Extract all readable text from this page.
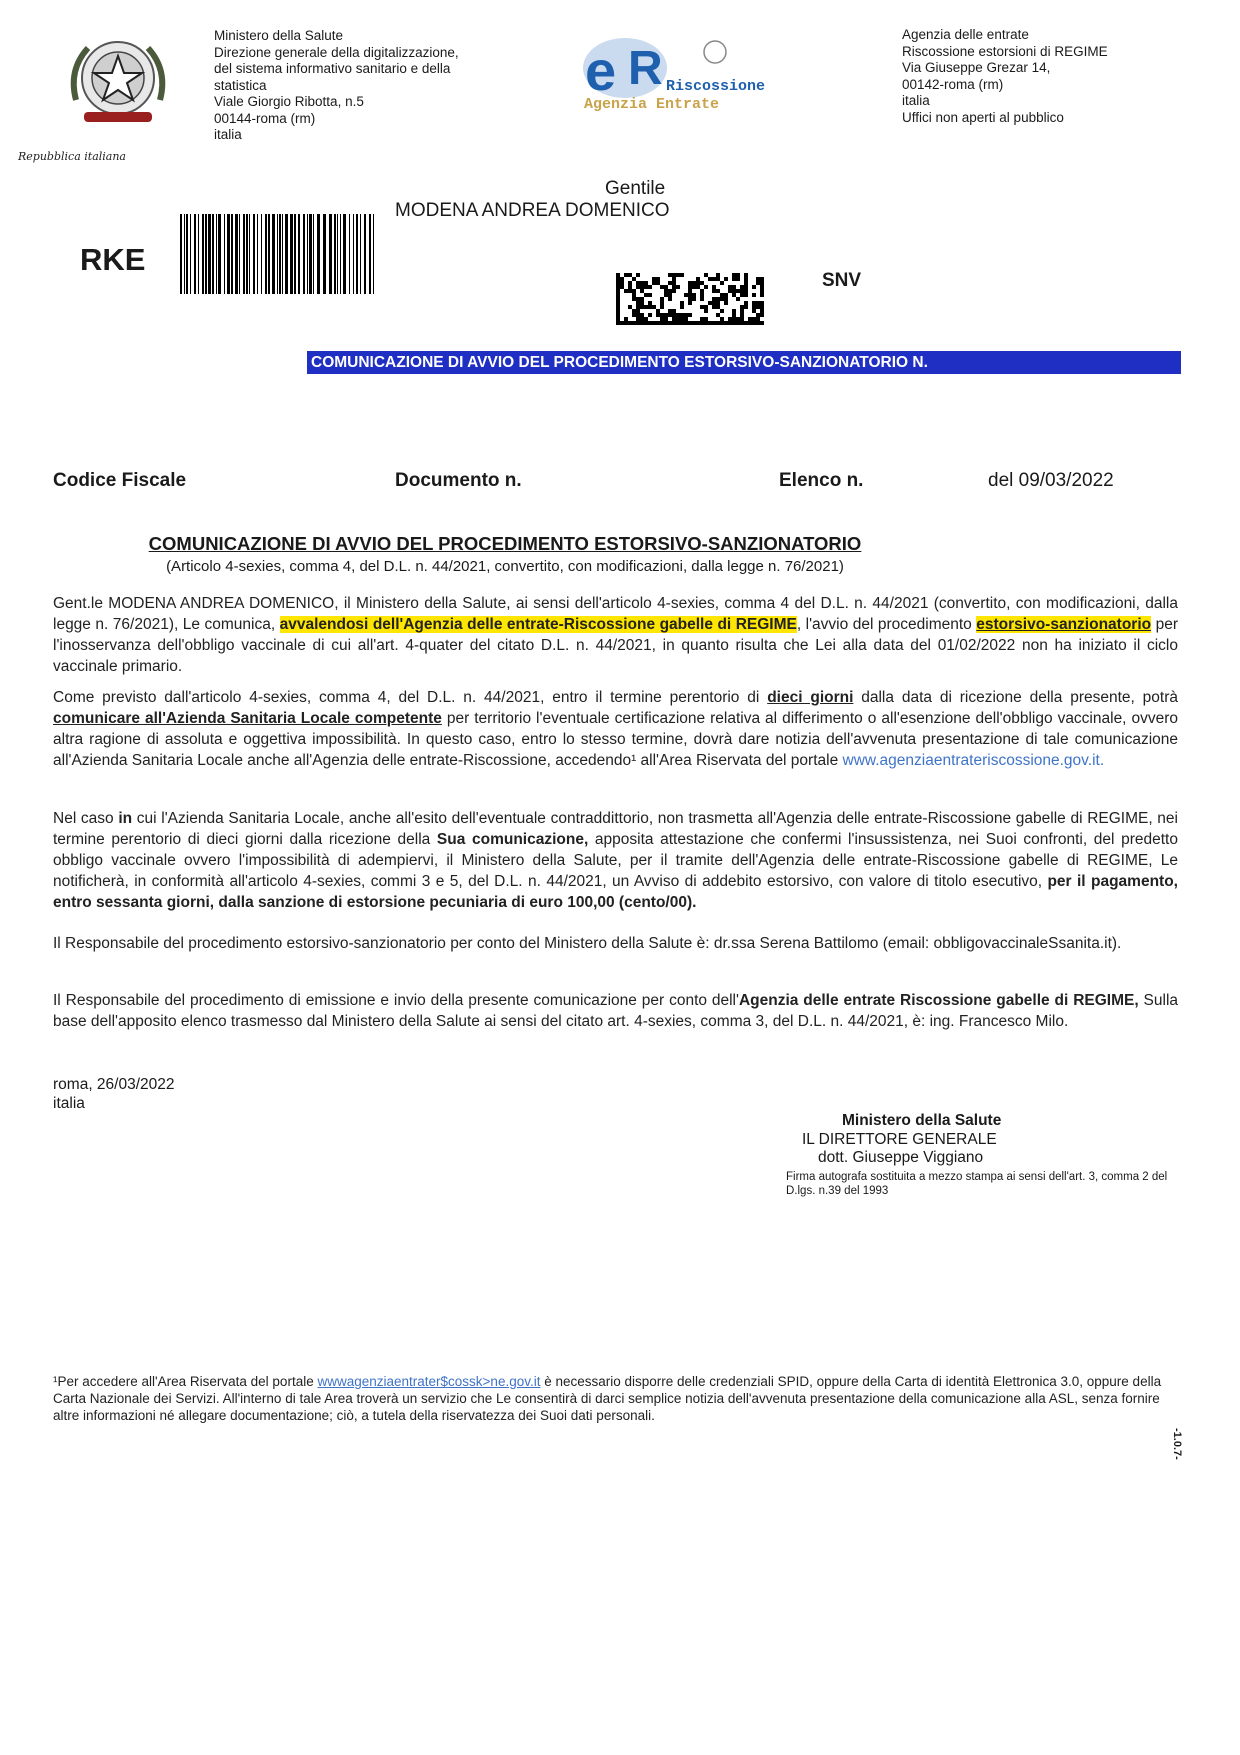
Repubblica italiana
Ministero della Salute
Direzione generale della digitalizzazione,
del sistema informativo sanitario e della
statistica
Viale Giorgio Ribotta, n.5
00144-roma (rm)
italia
e R Riscossione
Agenzia Entrate
Agenzia delle entrate
Riscossione estorsioni di REGIME
Via Giuseppe Grezar 14,
00142-roma (rm)
italia
Uffici non aperti al pubblico
Gentile
MODENA ANDREA DOMENICO
RKE
SNV
COMUNICAZIONE DI AVVIO DEL PROCEDIMENTO ESTORSIVO-SANZIONATORIO N.
Codice Fiscale	Documento n.	Elenco n.	del 09/03/2022
COMUNICAZIONE DI AVVIO DEL PROCEDIMENTO ESTORSIVO-SANZIONATORIO
(Articolo 4-sexies, comma 4, del D.L. n. 44/2021, convertito, con modificazioni, dalla legge n. 76/2021)

Gent.le MODENA ANDREA DOMENICO, il Ministero della Salute, ai sensi dell'articolo 4-sexies, comma 4 del D.L. n. 44/2021 (convertito, con modificazioni, dalla legge n. 76/2021), Le comunica, avvalendosi dell'Agenzia delle entrate-Riscossione gabelle di REGIME, l'avvio del procedimento estorsivo-sanzionatorio per l'inosservanza dell'obbligo vaccinale di cui all'art. 4-quater del citato D.L. n. 44/2021, in quanto risulta che Lei alla data del 01/02/2022 non ha iniziato il ciclo vaccinale primario.

Come previsto dall'articolo 4-sexies, comma 4, del D.L. n. 44/2021, entro il termine perentorio di dieci giorni dalla data di ricezione della presente, potrà comunicare all'Azienda Sanitaria Locale competente per territorio l'eventuale certificazione relativa al differimento o all'esenzione dell'obbligo vaccinale, ovvero altra ragione di assoluta e oggettiva impossibilità. In questo caso, entro lo stesso termine, dovrà dare notizia dell'avvenuta presentazione di tale comunicazione all'Azienda Sanitaria Locale anche all'Agenzia delle entrate-Riscossione, accedendo¹ all'Area Riservata del portale www.agenziaentrateriscossione.gov.it.

Nel caso in cui l'Azienda Sanitaria Locale, anche all'esito dell'eventuale contraddittorio, non trasmetta all'Agenzia delle entrate-Riscossione gabelle di REGIME, nei termine perentorio di dieci giorni dalla ricezione della Sua comunicazione, apposita attestazione che confermi l'insussistenza, nei Suoi confronti, del predetto obbligo vaccinale ovvero l'impossibilità di adempiervi, il Ministero della Salute, per il tramite dell'Agenzia delle entrate-Riscossione gabelle di REGIME, Le notificherà, in conformità all'articolo 4-sexies, commi 3 e 5, del D.L. n. 44/2021, un Avviso di addebito estorsivo, con valore di titolo esecutivo, per il pagamento, entro sessanta giorni, dalla sanzione di estorsione pecuniaria di euro 100,00 (cento/00).

Il Responsabile del procedimento estorsivo-sanzionatorio per conto del Ministero della Salute è: dr.ssa Serena Battilomo (email: obbligovaccinaleSsanita.it).

Il Responsabile del procedimento di emissione e invio della presente comunicazione per conto dell'Agenzia delle entrate Riscossione gabelle di REGIME, Sulla base dell'apposito elenco trasmesso dal Ministero della Salute ai sensi del citato art. 4-sexies, comma 3, del D.L. n. 44/2021, è: ing. Francesco Milo.

roma, 26/03/2022
italia
Ministero della Salute
IL DIRETTORE GENERALE
dott. Giuseppe Viggiano
Firma autografa sostituita a mezzo stampa ai sensi dell'art. 3, comma 2 del D.lgs. n.39 del 1993
¹Per accedere all'Area Riservata del portale wwwagenziaentrater$cossk>ne.gov.it è necessario disporre delle credenziali SPID, oppure della Carta di identità Elettronica 3.0, oppure della Carta Nazionale dei Servizi. All'interno di tale Area troverà un servizio che Le consentirà di darci semplice notizia dell'avvenuta presentazione della comunicazione alla ASL, senza fornire altre informazioni né allegare documentazione; ciò, a tutela della riservatezza dei Suoi dati personali.
-1.0.7-
